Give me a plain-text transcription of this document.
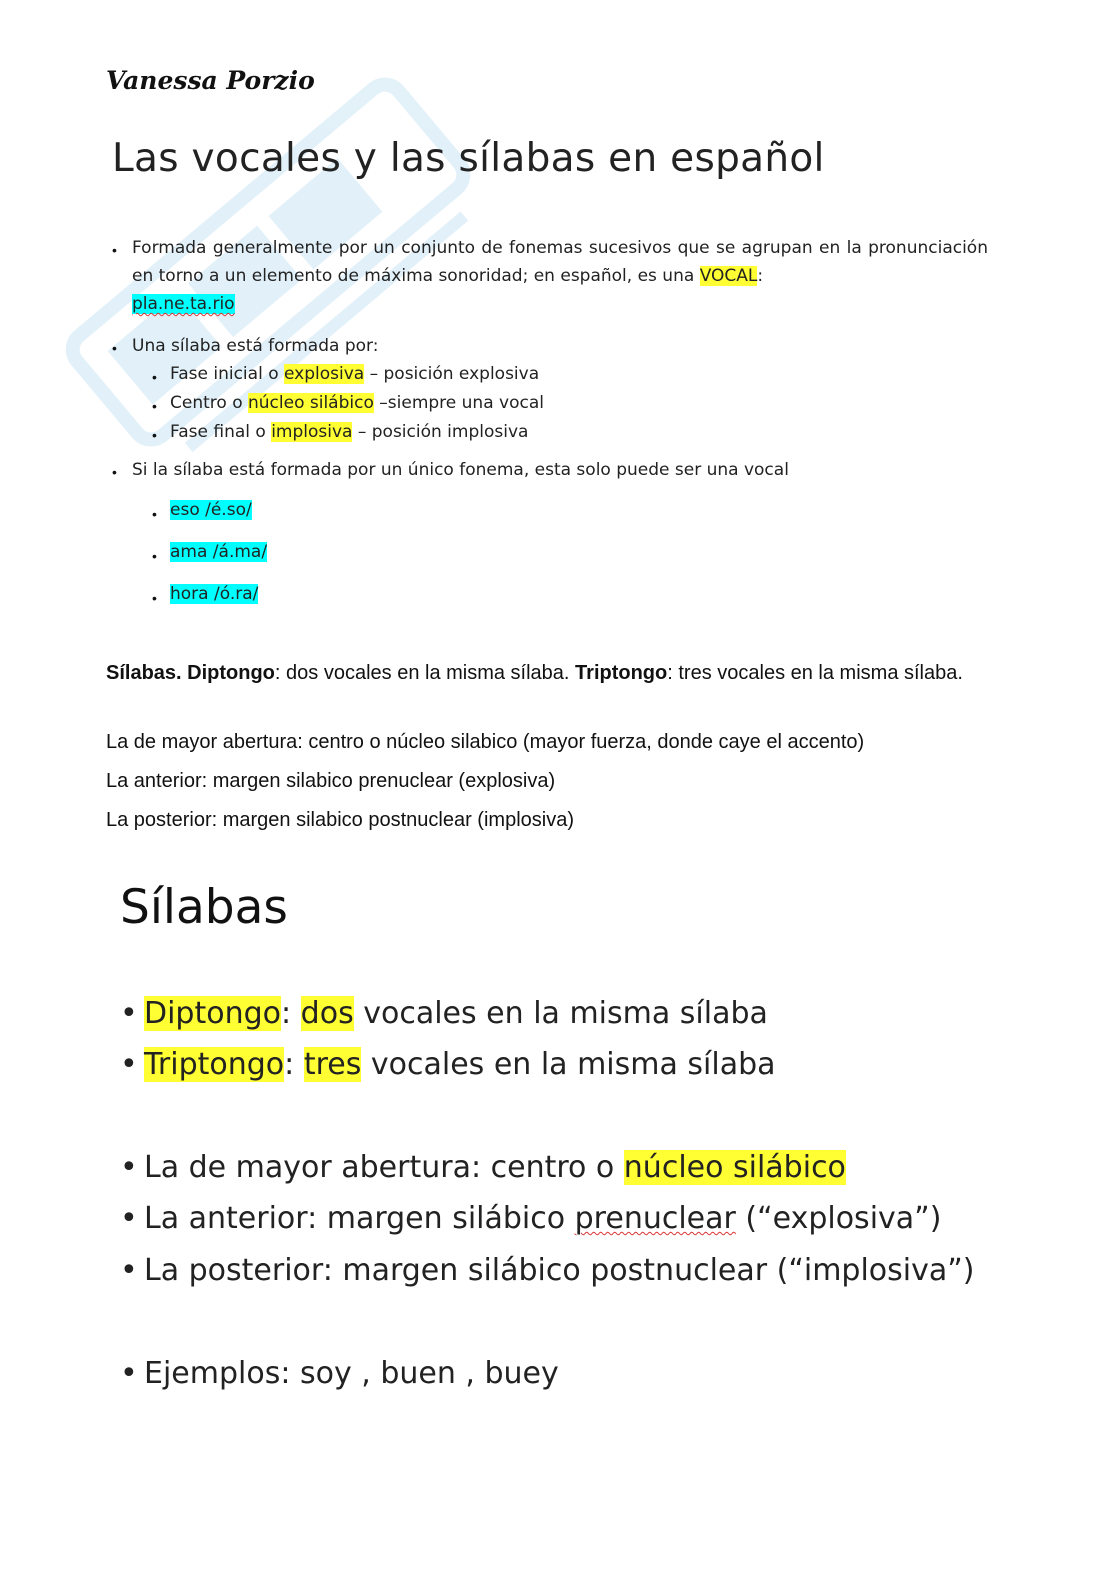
Vanessa Porzio
Las vocales y las sílabas en español
• Formada generalmente por un conjunto de fonemas sucesivos que se agrupan en la pronunciación en torno a un elemento de máxima sonoridad; en español, es una VOCAL:
pla.ne.ta.rio
• Una sílaba está formada por:
• Fase inicial o explosiva – posición explosiva
• Centro o núcleo silábico –siempre una vocal
• Fase final o implosiva – posición implosiva
• Si la sílaba está formada por un único fonema, esta solo puede ser una vocal
• eso /é.so/
• ama /á.ma/
• hora /ó.ra/
Sílabas. Diptongo: dos vocales en la misma sílaba. Triptongo: tres vocales en la misma sílaba.
La de mayor abertura: centro o núcleo silabico (mayor fuerza, donde caye el accento)
La anterior: margen silabico prenuclear (explosiva)
La posterior: margen silabico postnuclear (implosiva)
Sílabas
• Diptongo: dos vocales en la misma sílaba
• Triptongo: tres vocales en la misma sílaba
• La de mayor abertura: centro o núcleo silábico
• La anterior: margen silábico prenuclear (“explosiva”)
• La posterior: margen silábico postnuclear (“implosiva”)
• Ejemplos: soy , buen , buey
